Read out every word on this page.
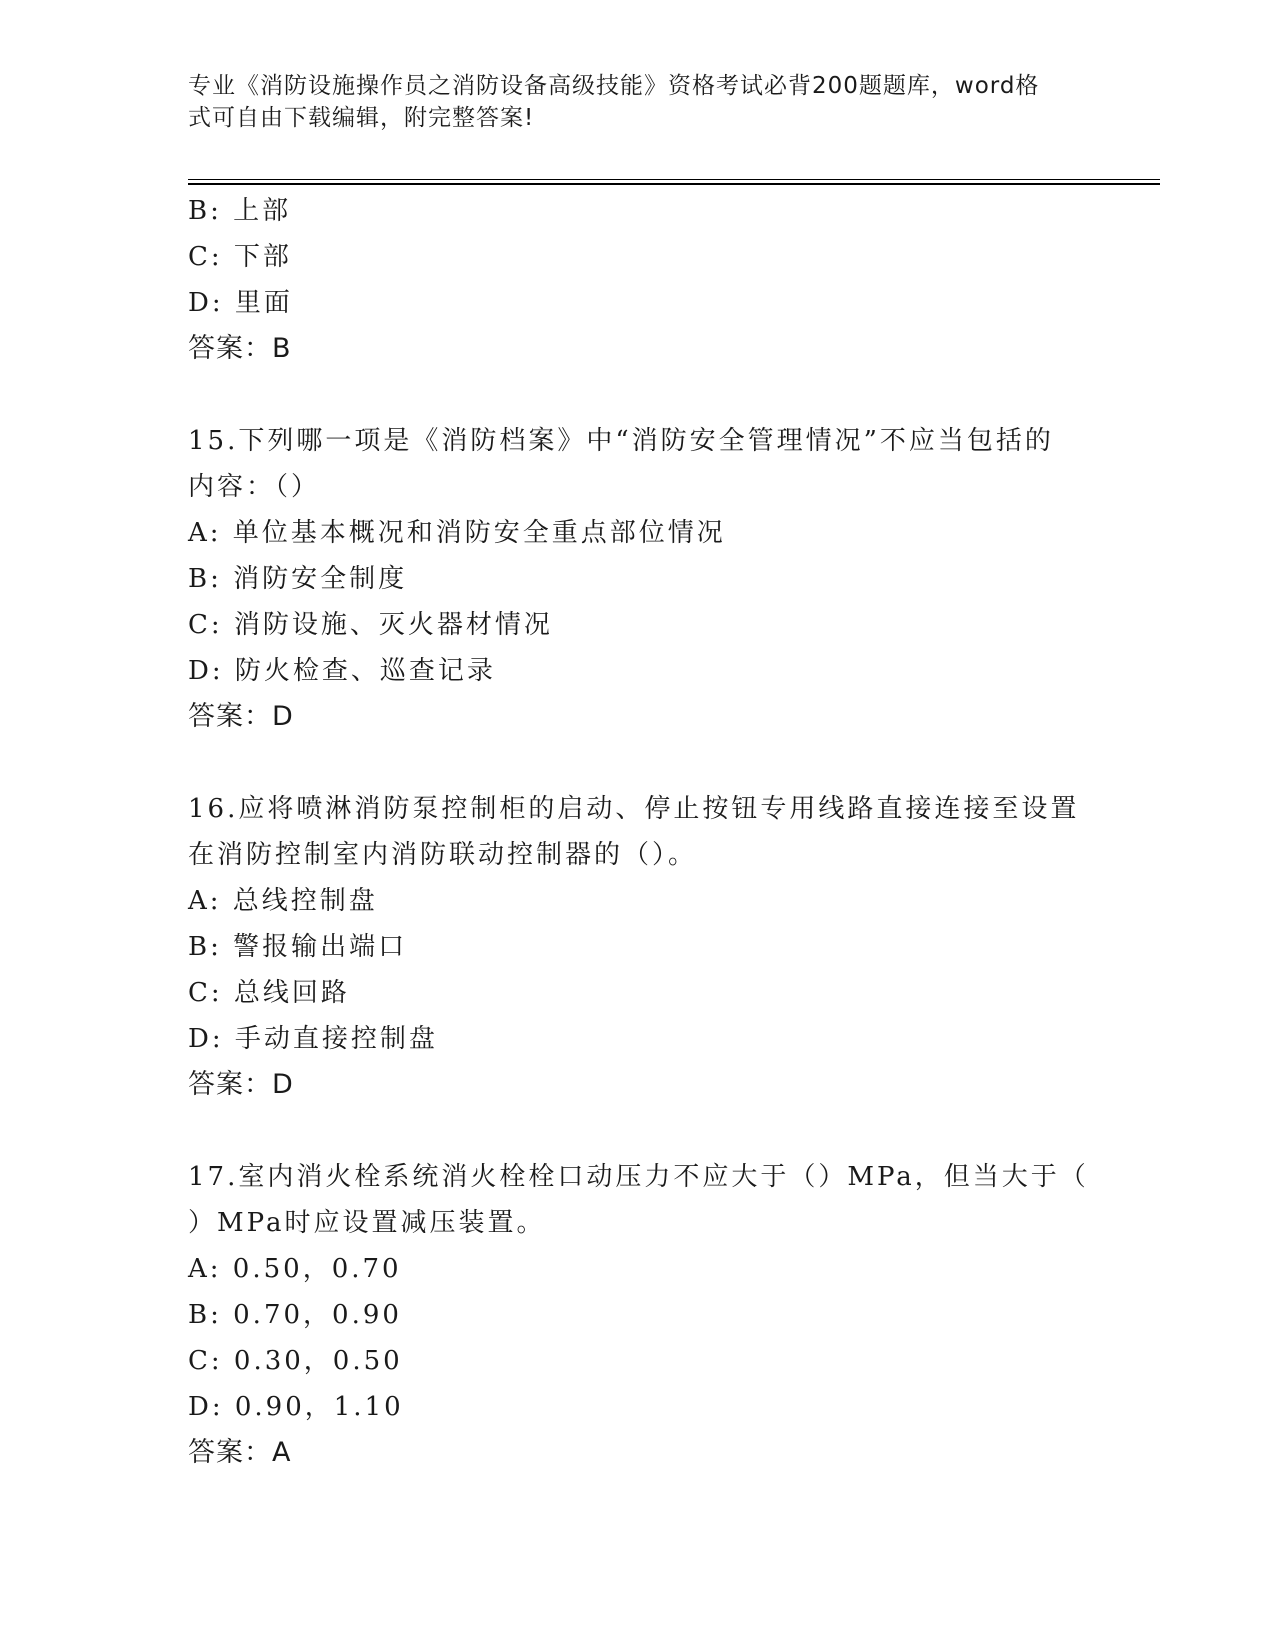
专业《消防设施操作员之消防设备高级技能》资格考试必背200题题库，word格
式可自由下载编辑，附完整答案!
B: 上部
C: 下部
D: 里面
答案：B
15.下列哪一项是《消防档案》中“消防安全管理情况”不应当包括的
内容：（）
A: 单位基本概况和消防安全重点部位情况
B: 消防安全制度
C: 消防设施、灭火器材情况
D: 防火检查、巡查记录
答案：D
16.应将喷淋消防泵控制柜的启动、停止按钮专用线路直接连接至设置
在消防控制室内消防联动控制器的（）。
A: 总线控制盘
B: 警报输出端口
C: 总线回路
D: 手动直接控制盘
答案：D
17.室内消火栓系统消火栓栓口动压力不应大于（）MPa，但当大于（
）MPa时应设置减压装置。
A: 0.50，0.70
B: 0.70，0.90
C: 0.30，0.50
D: 0.90，1.10
答案：A
